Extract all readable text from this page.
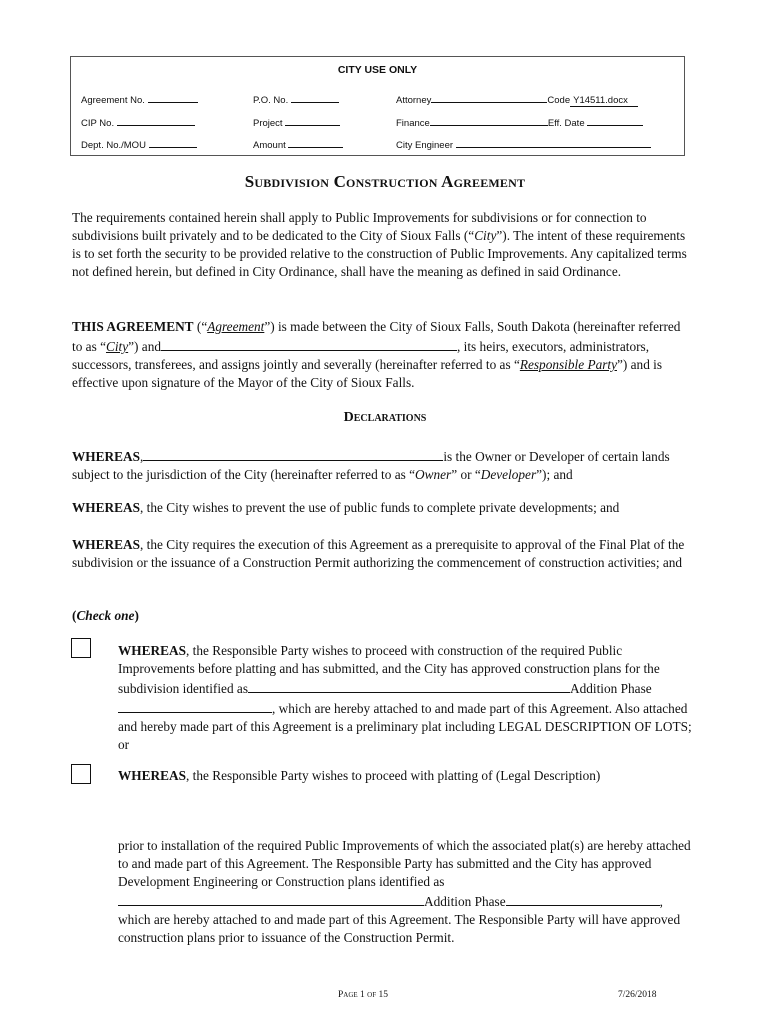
CITY USE ONLY
Agreement No.	P.O. No.	Attorney	Code Y14511.docx
CIP No.	Project	Finance	Eff. Date
Dept. No./MOU	Amount	City Engineer
Subdivision Construction Agreement

The requirements contained herein shall apply to Public Improvements for subdivisions or for connection to subdivisions built privately and to be dedicated to the City of Sioux Falls (“City”). The intent of these requirements is to set forth the security to be provided relative to the construction of Public Improvements. Any capitalized terms not defined herein, but defined in City Ordinance, shall have the meaning as defined in said Ordinance.

THIS AGREEMENT (“Agreement”) is made between the City of Sioux Falls, South Dakota (hereinafter referred to as “City”) and	, its heirs, executors, administrators, successors, transferees, and assigns jointly and severally (hereinafter referred to as “Responsible Party”) and is effective upon signature of the Mayor of the City of Sioux Falls.

Declarations

WHEREAS,	is the Owner or Developer of certain lands subject to the jurisdiction of the City (hereinafter referred to as “Owner” or “Developer”); and

WHEREAS, the City wishes to prevent the use of public funds to complete private developments; and

WHEREAS, the City requires the execution of this Agreement as a prerequisite to approval of the Final Plat of the subdivision or the issuance of a Construction Permit authorizing the commencement of construction activities; and

(Check one)

WHEREAS, the Responsible Party wishes to proceed with construction of the required Public Improvements before platting and has submitted, and the City has approved construction plans for the subdivision identified as	Addition Phase, which are hereby attached to and made part of this Agreement. Also attached and hereby made part of this Agreement is a preliminary plat including LEGAL DESCRIPTION OF LOTS; or

WHEREAS, the Responsible Party wishes to proceed with platting of (Legal Description)

prior to installation of the required Public Improvements of which the associated plat(s) are hereby attached to and made part of this Agreement. The Responsible Party has submitted and the City has approved Development Engineering or Construction plans identified as
Addition Phase	,
which are hereby attached to and made part of this Agreement. The Responsible Party will have approved construction plans prior to issuance of the Construction Permit.

Page 1 of 15	7/26/2018
